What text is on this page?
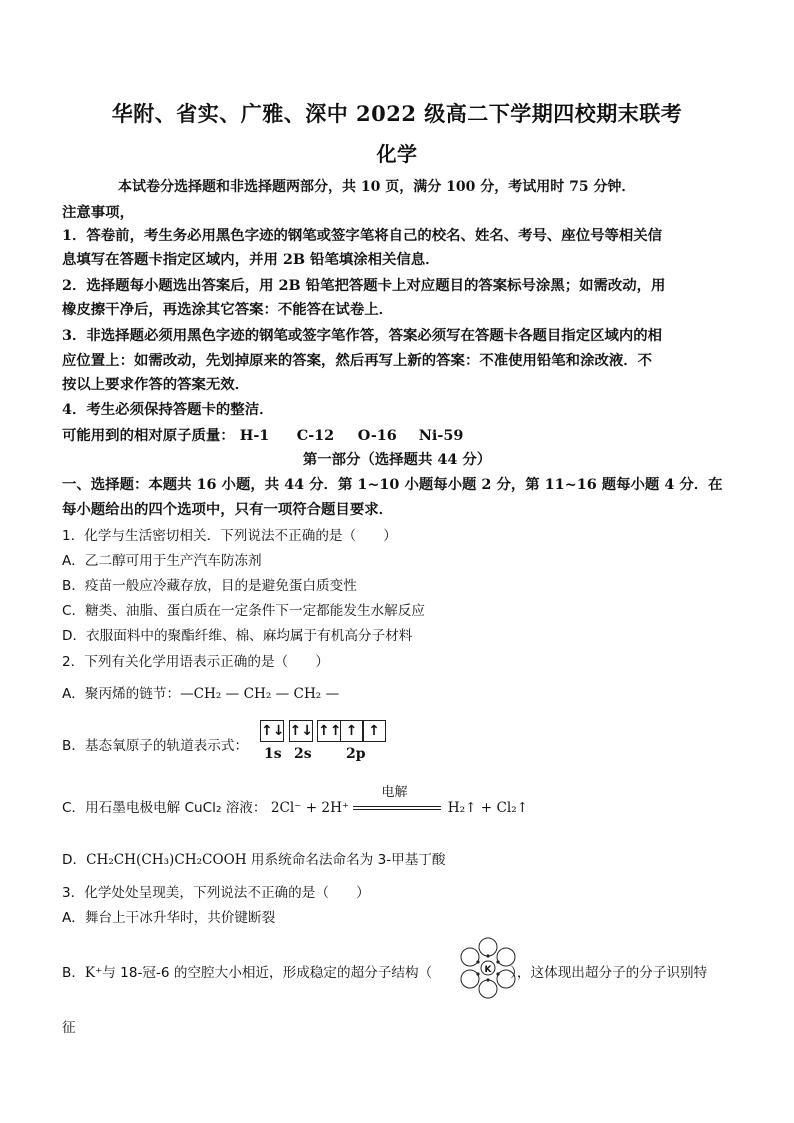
华附、省实、广雅、深中 2022 级高二下学期四校期末联考
化学
本试卷分选择题和非选择题两部分，共 10 页，满分 100 分，考试用时 75 分钟．
注意事项，
1．答卷前，考生务必用黑色字迹的钢笔或签字笔将自己的校名、姓名、考号、座位号等相关信
息填写在答题卡指定区域内，并用 2B 铅笔填涂相关信息．
2．选择题每小题选出答案后，用 2B 铅笔把答题卡上对应题目的答案标号涂黑；如需改动，用
橡皮擦干净后，再选涂其它答案：不能答在试卷上．
3．非选择题必须用黑色字迹的钢笔或签字笔作答，答案必须写在答题卡各题目指定区域内的相
应位置上：如需改动，先划掉原来的答案，然后再写上新的答案：不准使用铅笔和涂改液．不
按以上要求作答的答案无效．
4．考生必须保持答题卡的整洁．
可能用到的相对原子质量： H-1 C-12 O-16 Ni-59
第一部分（选择题共 44 分）
一、选择题：本题共 16 小题，共 44 分．第 1~10 小题每小题 2 分，第 11~16 题每小题 4 分．在
每小题给出的四个选项中，只有一项符合题目要求．
1．化学与生活密切相关．下列说法不正确的是（　　）
A．乙二醇可用于生产汽车防冻剂
B．疫苗一般应冷藏存放，目的是避免蛋白质变性
C．糖类、油脂、蛋白质在一定条件下一定都能发生水解反应
D．衣服面料中的聚酯纤维、棉、麻均属于有机高分子材料
2．下列有关化学用语表示正确的是（　　）
A．聚丙烯的链节：—CH₂ — CH₂ — CH₂ —
B．基态氧原子的轨道表示式：
↑↓ ↑↓ ↑↑ ↑ ↑
1s 2s 2p
C．用石墨电极电解 CuCl₂ 溶液： 2Cl⁻ + 2H⁺
电解
H₂↑ + Cl₂↑
D．CH₂CH(CH₃)CH₂COOH 用系统命名法命名为 3-甲基丁酸
3．化学处处呈现美，下列说法不正确的是（　　）
A．舞台上干冰升华时，共价键断裂
B．K⁺与 18-冠-6 的空腔大小相近，形成稳定的超分子结构（	），这体现出超分子的分子识别特
K
征
